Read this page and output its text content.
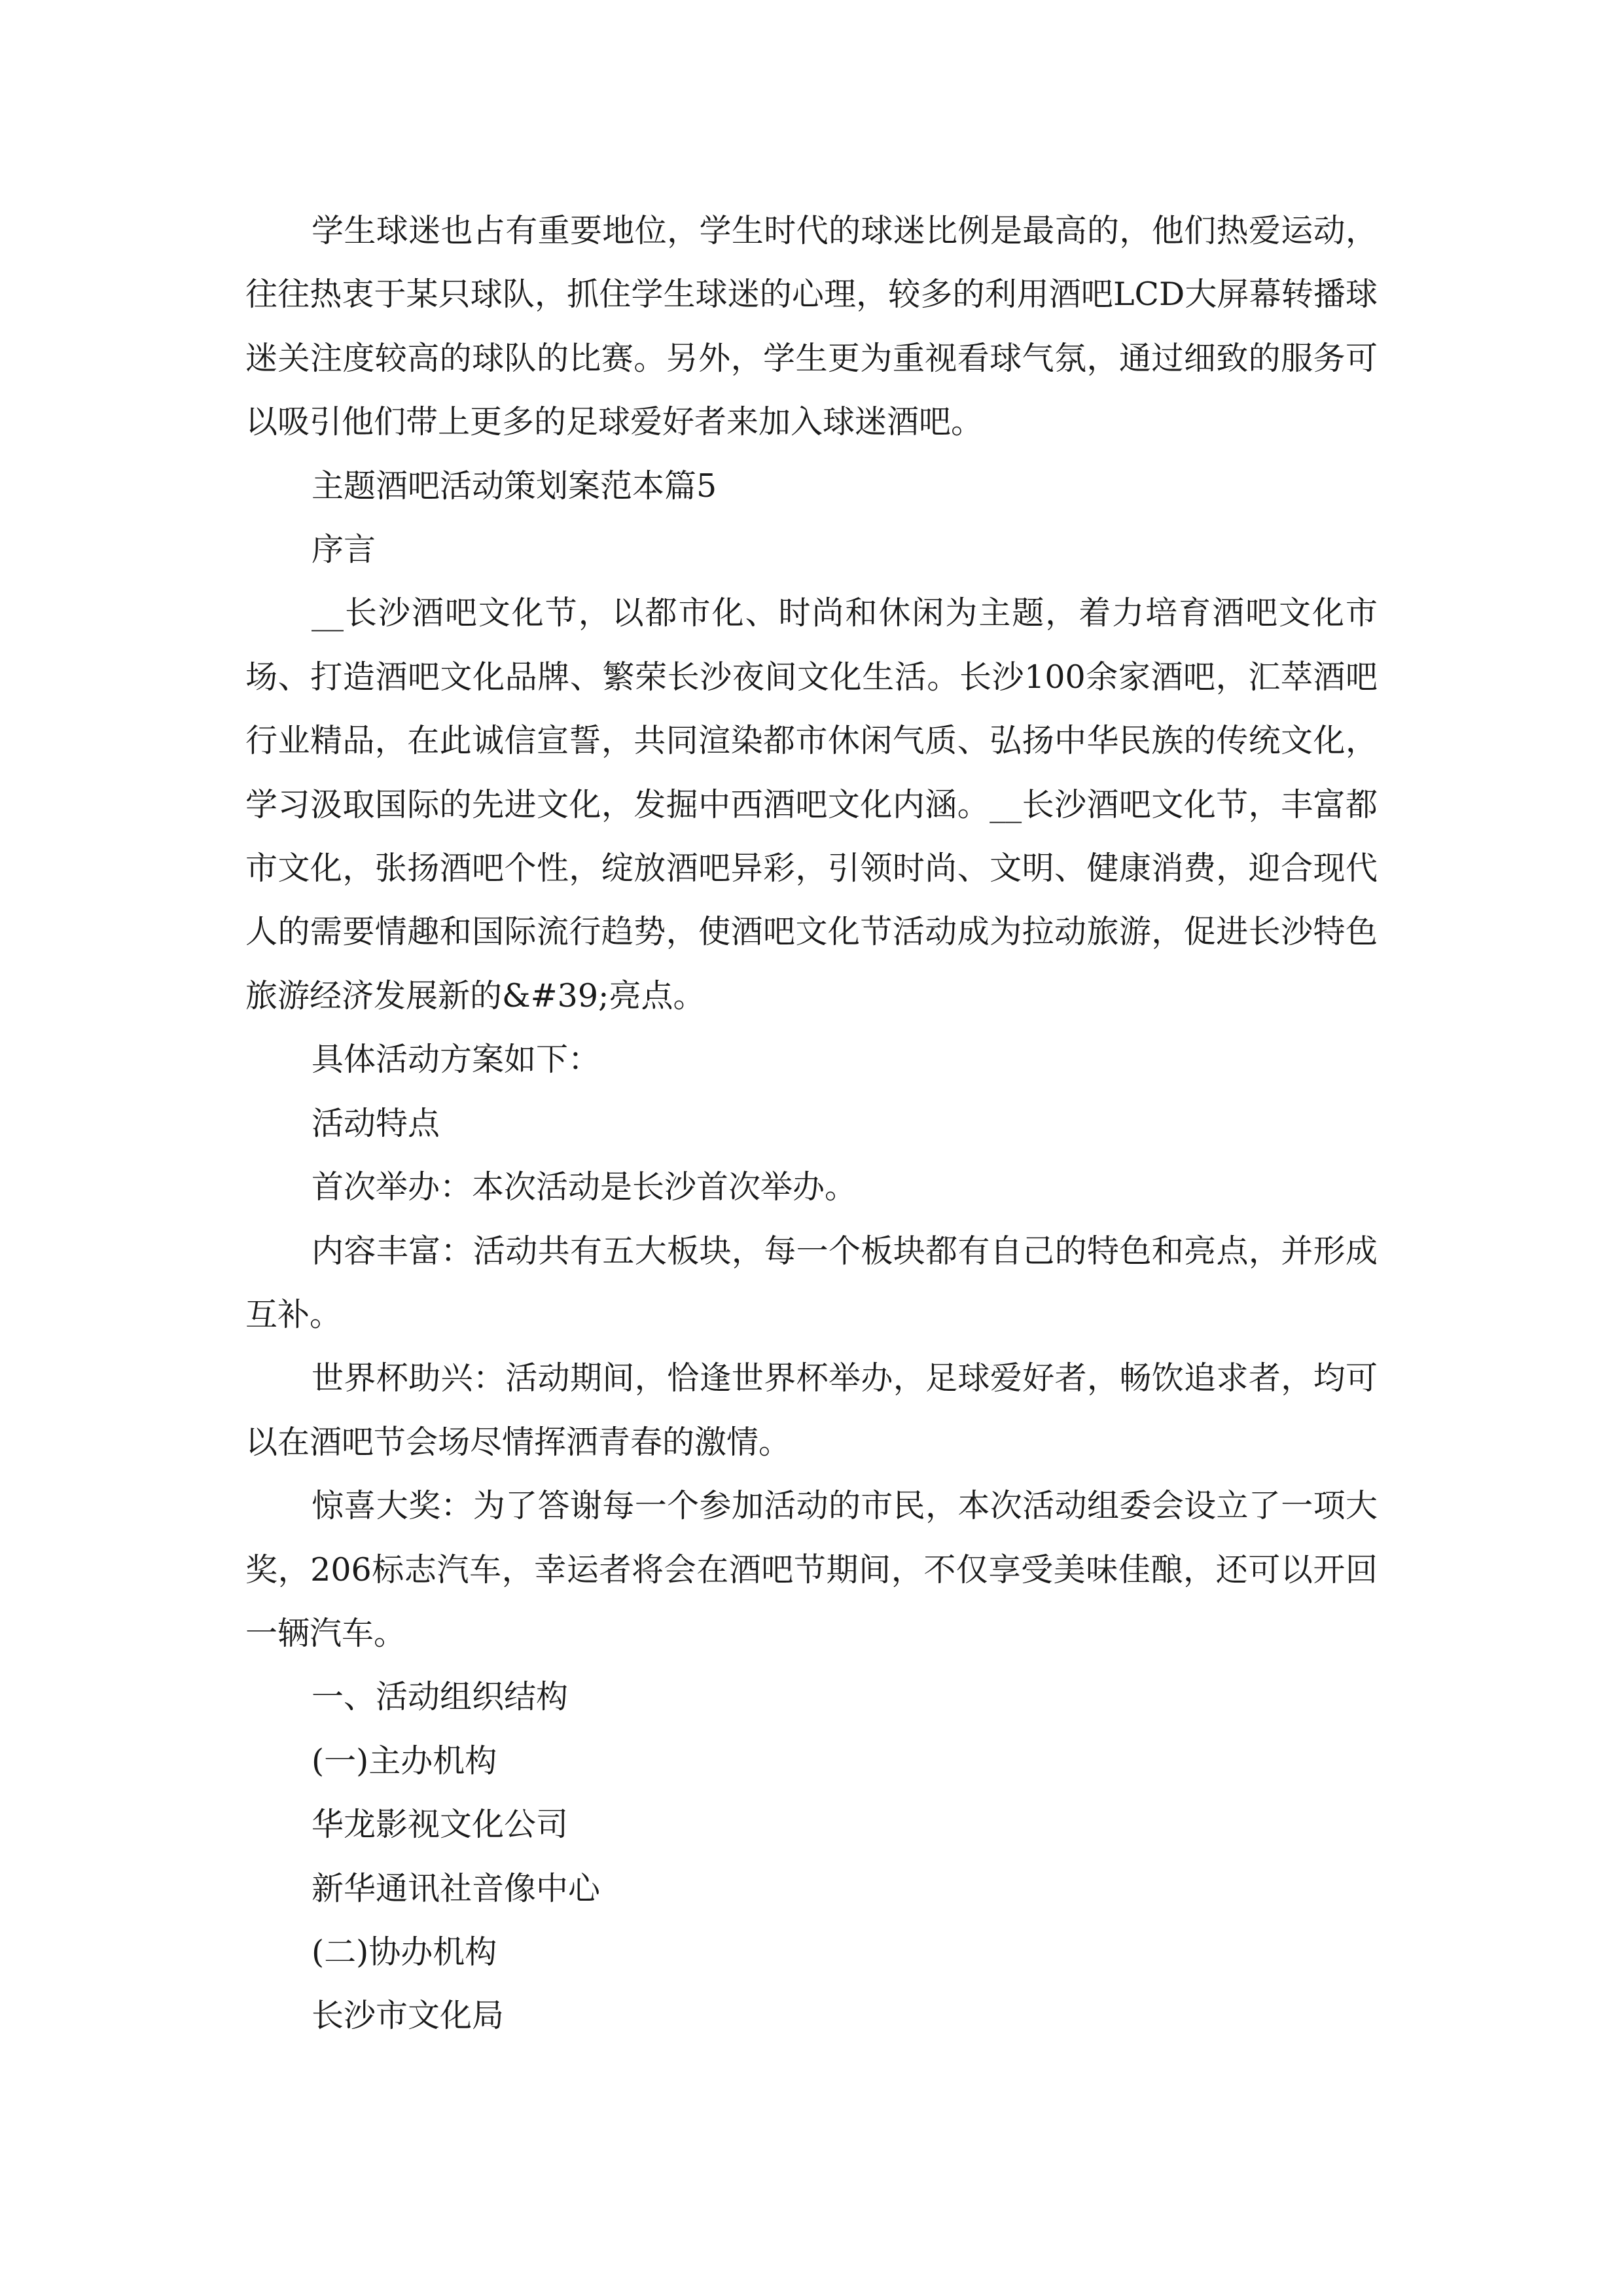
学生球迷也占有重要地位，学生时代的球迷比例是最高的，他们热爱运动，往往热衷于某只球队，抓住学生球迷的心理，较多的利用酒吧LCD大屏幕转播球迷关注度较高的球队的比赛。另外，学生更为重视看球气氛，通过细致的服务可以吸引他们带上更多的足球爱好者来加入球迷酒吧。

主题酒吧活动策划案范本篇5

序言

__长沙酒吧文化节，以都市化、时尚和休闲为主题，着力培育酒吧文化市场、打造酒吧文化品牌、繁荣长沙夜间文化生活。长沙100余家酒吧，汇萃酒吧行业精品，在此诚信宣誓，共同渲染都市休闲气质、弘扬中华民族的传统文化，学习汲取国际的先进文化，发掘中西酒吧文化内涵。__长沙酒吧文化节，丰富都市文化，张扬酒吧个性，绽放酒吧异彩，引领时尚、文明、健康消费，迎合现代人的需要情趣和国际流行趋势，使酒吧文化节活动成为拉动旅游，促进长沙特色旅游经济发展新的&#39;亮点。

具体活动方案如下：

活动特点

首次举办：本次活动是长沙首次举办。

内容丰富：活动共有五大板块，每一个板块都有自己的特色和亮点，并形成互补。

世界杯助兴：活动期间，恰逢世界杯举办，足球爱好者，畅饮追求者，均可以在酒吧节会场尽情挥洒青春的激情。

惊喜大奖：为了答谢每一个参加活动的市民，本次活动组委会设立了一项大奖，206标志汽车，幸运者将会在酒吧节期间，不仅享受美味佳酿，还可以开回一辆汽车。

一、活动组织结构

(一)主办机构

华龙影视文化公司

新华通讯社音像中心

(二)协办机构

长沙市文化局
